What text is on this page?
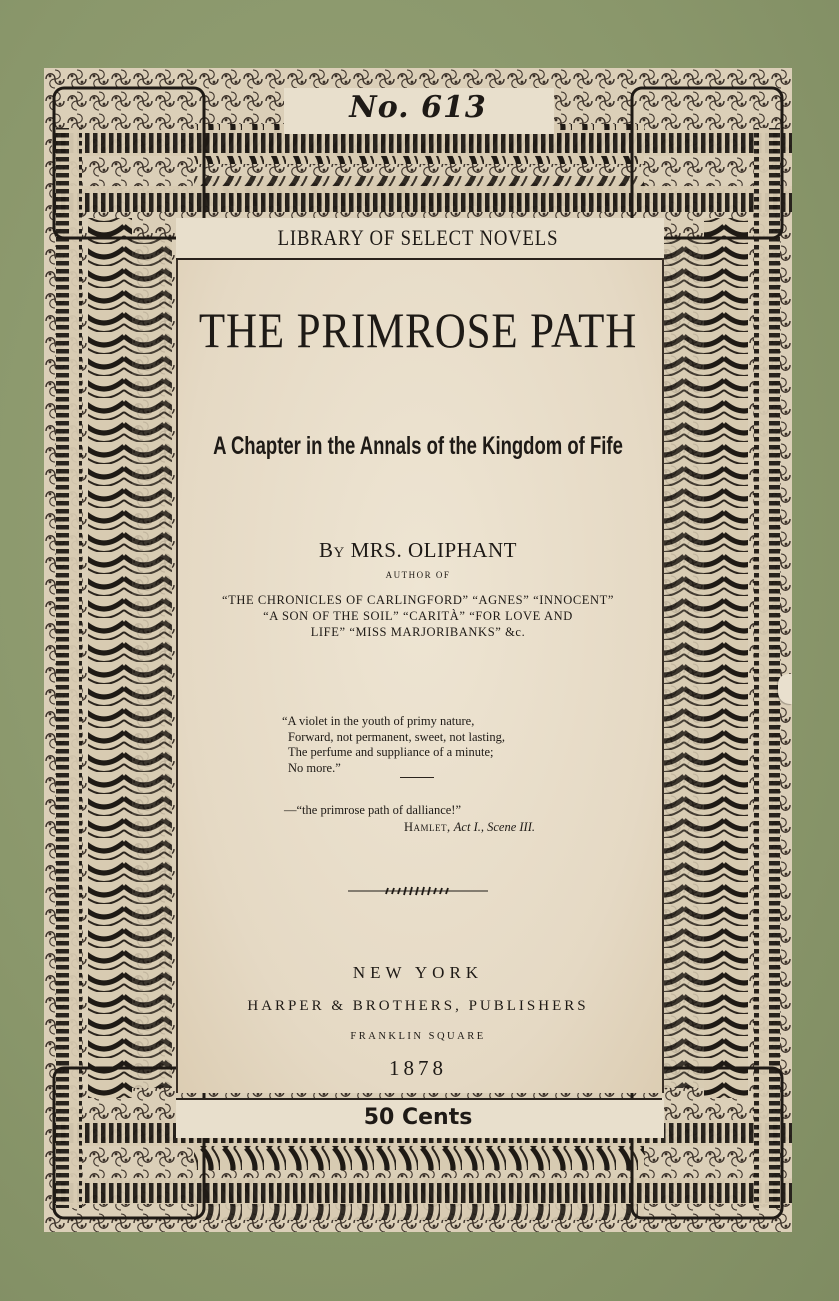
No. 613
LIBRARY OF SELECT NOVELS
THE PRIMROSE PATH
A Chapter in the Annals of the Kingdom of Fife
By MRS. OLIPHANT
AUTHOR OF
“THE CHRONICLES OF CARLINGFORD” “AGNES” “INNOCENT”
“A SON OF THE SOIL” “CARITÀ” “FOR LOVE AND
LIFE” “MISS MARJORIBANKS” &c.
“A violet in the youth of primy nature,
Forward, not permanent, sweet, not lasting,
The perfume and suppliance of a minute;
No more.”
—“the primrose path of dalliance!”
Hamlet, Act I., Scene III.
NEW YORK
HARPER & BROTHERS, PUBLISHERS
FRANKLIN SQUARE
1878
50 Cents
